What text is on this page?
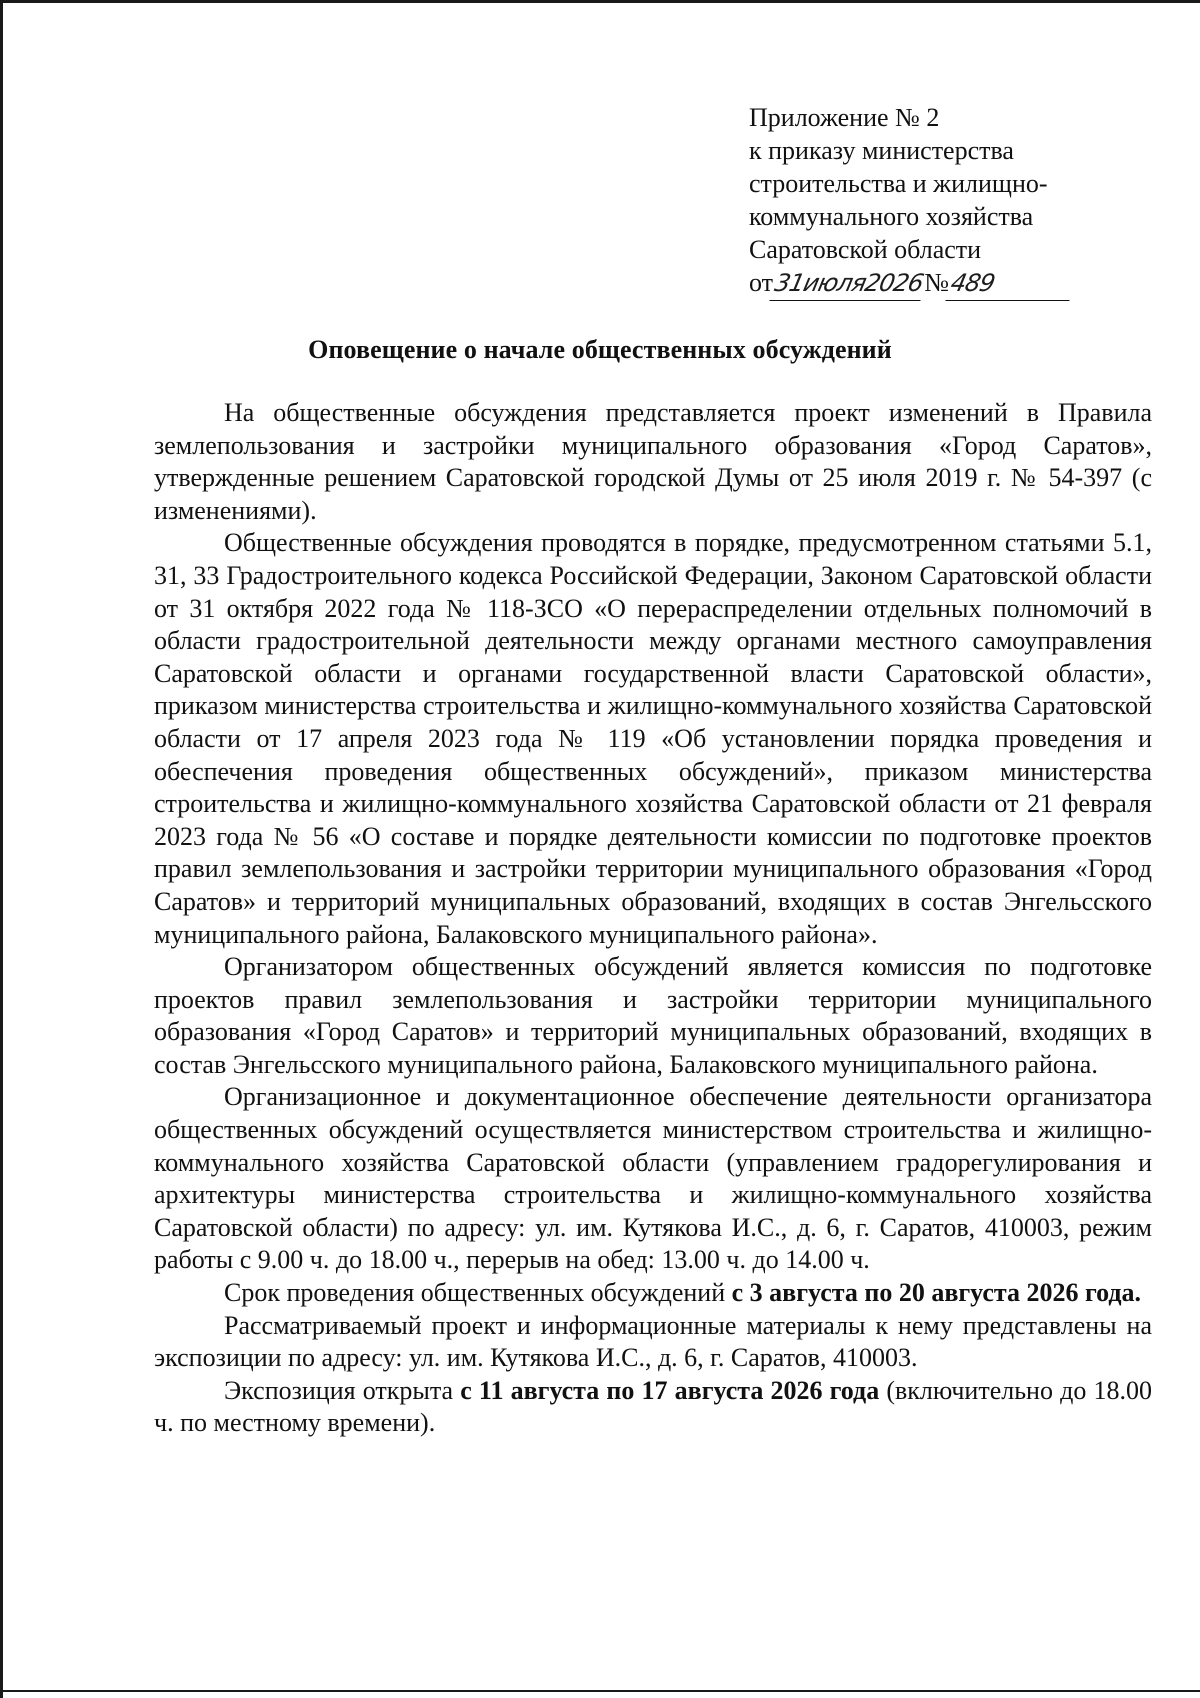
Приложение № 2
к приказу министерства
строительства и жилищно-
коммунального хозяйства
Саратовской области
от31июля2026№489
Оповещение о начале общественных обсуждений

На общественные обсуждения представляется проект изменений в Правила землепользования и застройки муниципального образования «Город Саратов», утвержденные решением Саратовской городской Думы от 25 июля 2019 г. № 54-397 (с изменениями).

Общественные обсуждения проводятся в порядке, предусмотренном статьями 5.1, 31, 33 Градостроительного кодекса Российской Федерации, Законом Саратовской области от 31 октября 2022 года № 118-ЗСО «О перераспределении отдельных полномочий в области градостроительной деятельности между органами местного самоуправления Саратовской области и органами государственной власти Саратовской области», приказом министерства строительства и жилищно-коммунального хозяйства Саратовской области от 17 апреля 2023 года № 119 «Об установлении порядка проведения и обеспечения проведения общественных обсуждений», приказом министерства строительства и жилищно-коммунального хозяйства Саратовской области от 21 февраля 2023 года № 56 «О составе и порядке деятельности комиссии по подготовке проектов правил землепользования и застройки территории муниципального образования «Город Саратов» и территорий муниципальных образований, входящих в состав Энгельсского муниципального района, Балаковского муниципального района».

Организатором общественных обсуждений является комиссия по подготовке проектов правил землепользования и застройки территории муниципального образования «Город Саратов» и территорий муниципальных образований, входящих в состав Энгельсского муниципального района, Балаковского муниципального района.

Организационное и документационное обеспечение деятельности организатора общественных обсуждений осуществляется министерством строительства и жилищно-коммунального хозяйства Саратовской области (управлением градорегулирования и архитектуры министерства строительства и жилищно-коммунального хозяйства Саратовской области) по адресу: ул. им. Кутякова И.С., д. 6, г. Саратов, 410003, режим работы с 9.00 ч. до 18.00 ч., перерыв на обед: 13.00 ч. до 14.00 ч.

Срок проведения общественных обсуждений с 3 августа по 20 августа 2026 года.

Рассматриваемый проект и информационные материалы к нему представлены на экспозиции по адресу: ул. им. Кутякова И.С., д. 6, г. Саратов, 410003.

Экспозиция открыта с 11 августа по 17 августа 2026 года (включительно до 18.00 ч. по местному времени).
